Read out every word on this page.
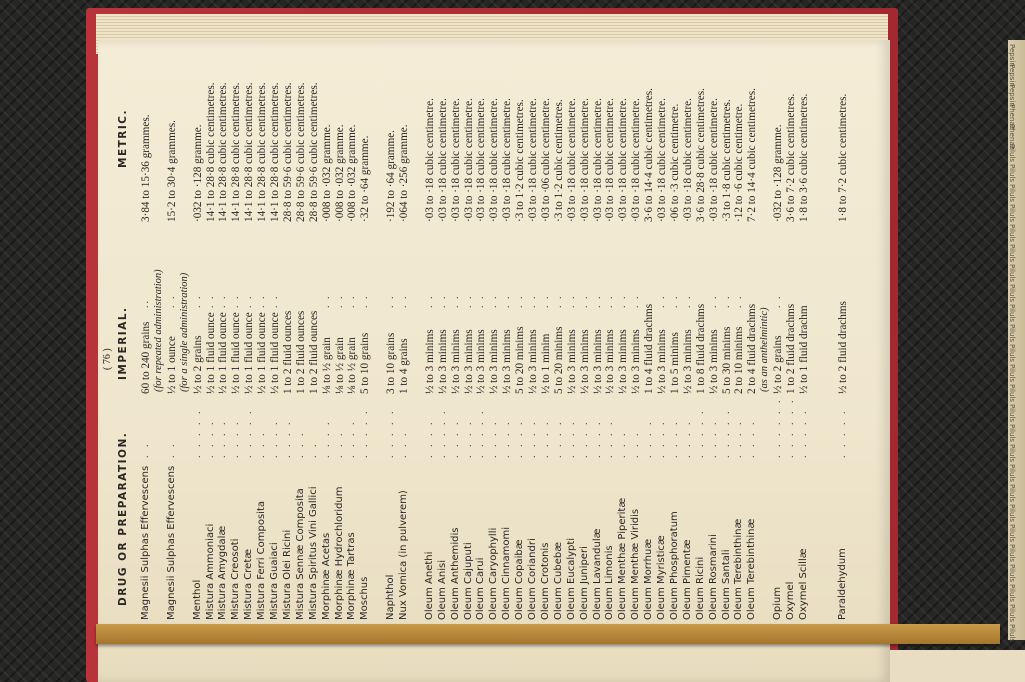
Pepsin
Pepsin
Pepsin
Phenaz
Phenaz
Piluls
Piluls
Piluls
Piluls
Piluls
Piluls
Piluls
Piluls
Piluls
Piluls
Piluls
Piluls
Piluls
Piluls
Piluls
Piluls
Piluls
Piluls
Piluls
Piluls
Piluls
Piluls
Piluls
Piluls
Piluls
( 76 )
DRUG OR PREPARATION.
IMPERIAL.
METRIC.
Magnesii Sulphas Effervescens
. .
60 to 240 grains
..
3·84 to 15·36 grammes.
Magnesii Sulphas Effervescens
. .
½ to 1 ounce
. .
15·2 to 30·4 grammes.
Menthol
. . . . .
½ to 2 grains
. .
·032 to ·128 gramme.
Mistura Ammoniaci
. . . .
½ to 1 fluid ounce
. .
14·1 to 28·8 cubic centimetres.
Mistura Amygdalæ
. . . .
½ to 1 fluid ounce
. .
14·1 to 28·8 cubic centimetres.
Mistura Creosoti
. . . .
½ to 1 fluid ounce
. .
14·1 to 28·8 cubic centimetres.
Mistura Cretæ
. . . . .
½ to 1 fluid ounce
. .
14·1 to 28·8 cubic centimetres.
Mistura Ferri Composita
. . .
½ to 1 fluid ounce
. .
14·1 to 28·8 cubic centimetres.
Mistura Guaiaci
. . . .
½ to 1 fluid ounce
. .
14·1 to 28·8 cubic centimetres.
Mistura Olei Ricini
. . . .
1 to 2 fluid ounces
28·8 to 59·6 cubic centimetres.
Mistura Sennæ Composita
. . .
1 to 2 fluid ounces
28·8 to 59·6 cubic centimetres.
Mistura Spiritus Vini Gallici
. .
1 to 2 fluid ounces
28·8 to 59·6 cubic centimetres.
Morphinæ Acetas
. . . .
⅛ to ½ grain
. .
·008 to ·032 gramme.
Morphinæ Hydrochloridum
. . .
⅛ to ½ grain
. .
·008 to ·032 gramme.
Morphinæ Tartras
. . . .
⅛ to ½ grain
. .
·008 to ·032 gramme.
Moschus
. . . . .
5 to 10 grains
. .
·32 to ·64 gramme.
Naphthol
. . . . .
3 to 10 grains
. .
·192 to ·64 gramme.
Nux Vomica (in pulverem)
. . .
1 to 4 grains
. .
·064 to ·256 gramme.
Oleum Anethi
. . . .
½ to 3 minims
. .
·03 to ·18 cubic centimetre.
Oleum Anisi
. . . . .
½ to 3 minims
. .
·03 to ·18 cubic centimetre.
Oleum Anthemidis
. . . .
½ to 3 minims
. .
·03 to ·18 cubic centimetre.
Oleum Cajuputi
. . . .
½ to 3 minims
. .
·03 to ·18 cubic centimetre.
Oleum Carui
. . . . .
½ to 3 minims
. .
·03 to ·18 cubic centimetre.
Oleum Caryophylli
. . . .
½ to 3 minims
. .
·03 to ·18 cubic centimetre.
Oleum Cinnamomi
. . . .
½ to 3 minims
. .
·03 to ·18 cubic centimetre.
Oleum Copaibæ
. . . .
5 to 20 minims
. .
·3 to 1·2 cubic centimetres.
Oleum Coriandri
. . . .
½ to 3 minims
. .
·03 to ·18 cubic centimetre.
Oleum Crotonis
. . . .
½ to 1 minim
. .
·03 to ·06 cubic centimetre.
Oleum Cubebæ
. . . .
5 to 20 minims
. .
·3 to 1·2 cubic centimetres.
Oleum Eucalypti
. . . .
½ to 3 minims
. .
·03 to ·18 cubic centimetre.
Oleum Juniperi
. . . .
½ to 3 minims
. .
·03 to ·18 cubic centimetre.
Oleum Lavandulæ
. . . .
½ to 3 minims
. .
·03 to ·18 cubic centimetre.
Oleum Limonis
. . . .
½ to 3 minims
. .
·03 to ·18 cubic centimetre.
Oleum Menthæ Piperitæ
. . .
½ to 3 minims
. .
·03 to ·18 cubic centimetre.
Oleum Menthæ Viridis
. . .
½ to 3 minims
. .
·03 to ·18 cubic centimetre.
Oleum Morrhuæ
. . . .
1 to 4 fluid drachms
3·6 to 14·4 cubic centimetres.
Oleum Myristicæ
. . . .
½ to 3 minims
. .
·03 to ·18 cubic centimetre.
Oleum Phosphoratum
. . . .
1 to 5 minims
. .
·06 to ·3 cubic centimetre.
Oleum Pimentæ
. . . .
½ to 3 minims
. .
·03 to ·18 cubic centimetre.
Oleum Ricini
. . . . .
1 to 8 fluid drachms
3·6 to 28·8 cubic centimetres.
Oleum Rosmarini
. . . .
½ to 3 minims
. .
·03 to ·18 cubic centimetre.
Oleum Santali
. . . . .
5 to 30 minims
. .
·3 to 1·8 cubic centimetres.
Oleum Terebinthinæ
. . . .
2 to 10 minims
. .
·12 to ·6 cubic centimetre.
Oleum Terebinthinæ
. . . .
2 to 4 fluid drachms
7·2 to 14·4 cubic centimetres.
Opium
. . . . . .
½ to 2 grains
. .
·032 to ·128 gramme.
Oxymel
. . . . . .
1 to 2 fluid drachms
3·6 to 7·2 cubic centimetres.
Oxymel Scillæ
. . . . .
½ to 1 fluid drachm
1·8 to 3·6 cubic centimetres.
Paraldehydum
. . . . .
½ to 2 fluid drachms
1·8 to 7·2 cubic centimetres.
(for repeated administration) (for a single administration)	(as an anthelmintic)
